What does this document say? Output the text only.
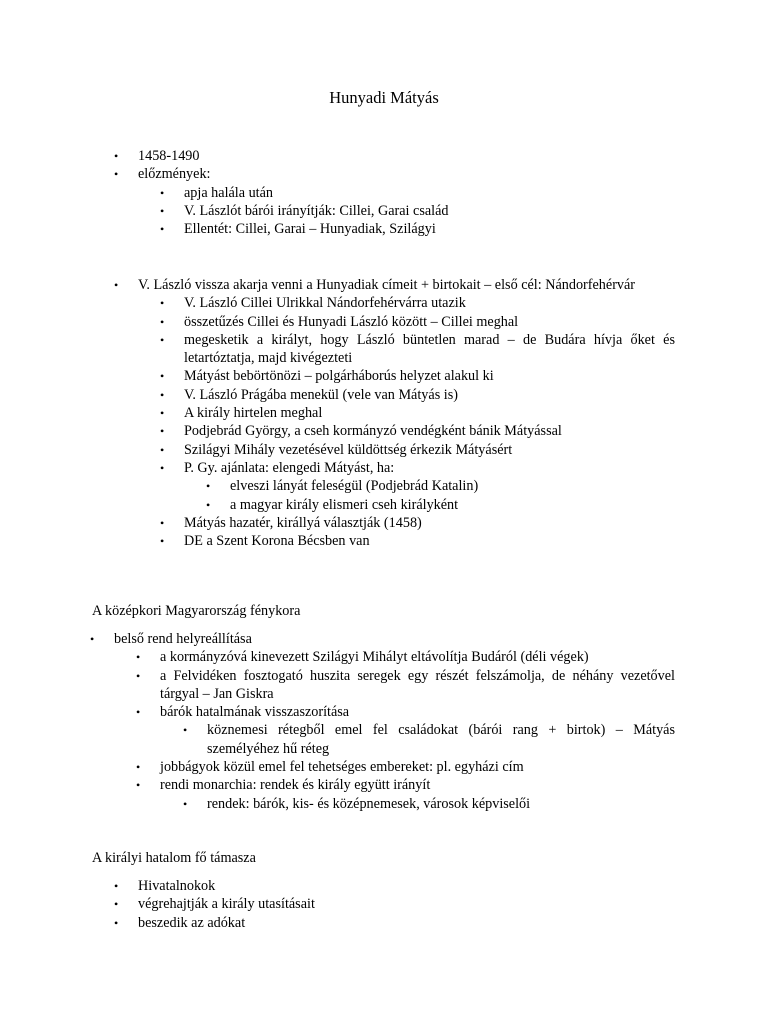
Hunyadi Mátyás
• 1458-1490
• előzmények:
• apja halála után
• V. Lászlót bárói irányítják: Cillei, Garai család
• Ellentét: Cillei, Garai – Hunyadiak, Szilágyi
• V. László vissza akarja venni a Hunyadiak címeit + birtokait – első cél: Nándorfehérvár
• V. László Cillei Ulrikkal Nándorfehérvárra utazik
• összetűzés Cillei és Hunyadi László között – Cillei meghal
• megesketik a királyt, hogy László büntetlen marad – de Budára hívja őket és letartóztatja, majd kivégezteti
• Mátyást bebörtönözi – polgárháborús helyzet alakul ki
• V. László Prágába menekül (vele van Mátyás is)
• A király hirtelen meghal
• Podjebrád György, a cseh kormányzó vendégként bánik Mátyással
• Szilágyi Mihály vezetésével küldöttség érkezik Mátyásért
• P. Gy. ajánlata: elengedi Mátyást, ha:
• elveszi lányát feleségül (Podjebrád Katalin)
• a magyar király elismeri cseh királyként
• Mátyás hazatér, királlyá választják (1458)
• DE a Szent Korona Bécsben van
A középkori Magyarország fénykora
• belső rend helyreállítása
• a kormányzóvá kinevezett Szilágyi Mihályt eltávolítja Budáról (déli végek)
• a Felvidéken fosztogató huszita seregek egy részét felszámolja, de néhány vezetővel tárgyal – Jan Giskra
• bárók hatalmának visszaszorítása
• köznemesi rétegből emel fel családokat (bárói rang + birtok) – Mátyás személyéhez hű réteg
• jobbágyok közül emel fel tehetséges embereket: pl. egyházi cím
• rendi monarchia: rendek és király együtt irányít
• rendek: bárók, kis- és középnemesek, városok képviselői
A királyi hatalom fő támasza
• Hivatalnokok
• végrehajtják a király utasításait
• beszedik az adókat
